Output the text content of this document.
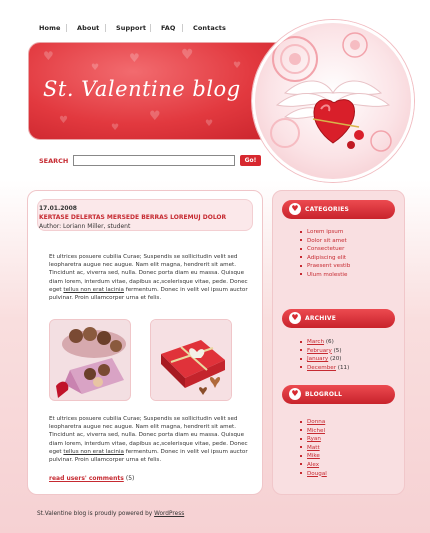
Home	About	Support FAQ	Contacts
♥
♥
♥	♥
♥
♥
♥
♥	♥
St. Valentine blog
SEARCH	Go!
17.01.2008
KERTASE DELERTAS MERSEDE BERRAS LOREMUJ DOLOR
Author: Loriann Miller, student
Et ultrices posuere cubilia Curae; Suspendis se sollicitudin velit sed
leopharetra augue nec augue. Nam elit magna, hendrerit sit amet.
Tincidunt ac, viverra sed, nulla. Donec porta diam eu massa. Quisque
diam lorem, interdum vitae, dapibus ac,scelerisque vitae, pede. Donec
eget tellus non erat lacinia fermentum. Donec in velit vel ipsum auctor
pulvinar. Proin ullamcorper urna et felis.
Et ultrices posuere cubilia Curae; Suspendis se sollicitudin velit sed
leopharetra augue nec augue. Nam elit magna, hendrerit sit amet.
Tincidunt ac, viverra sed, nulla. Donec porta diam eu massa. Quisque
diam lorem, interdum vitae, dapibus ac,scelerisque vitae, pede. Donec
eget tellus non erat lacinia fermentum. Donec in velit vel ipsum auctor
pulvinar. Proin ullamcorper urna et felis.
read users' comments (5)
♥	CATEGORIES
Lorem ipsum
Dolor sit amet
Consectetuer
Adipiscing elit
Praesent vestib
Ulum molestie
♥	ARCHIVE
March (6)
February (5)
January (20)
December (11)
♥	BLOGROLL
Donna
Michel
Ryan
Matt
Mike
Alex
Dougal
St.Valentine blog is proudly powered by WordPress
